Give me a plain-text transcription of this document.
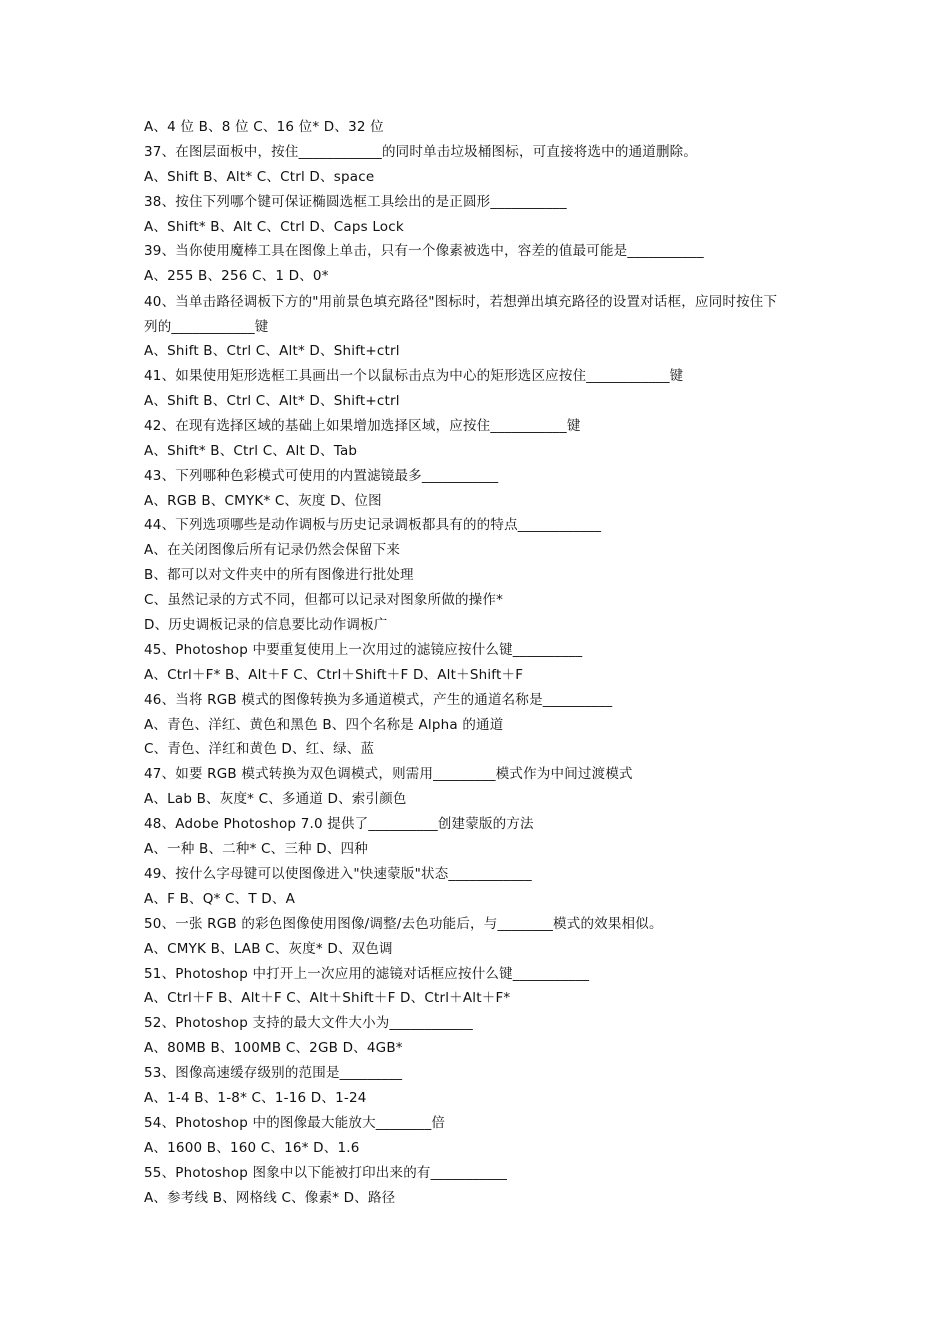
A、4 位 B、8 位 C、16 位* D、32 位
37、在图层面板中，按住____________的同时单击垃圾桶图标，可直接将选中的通道删除。
A、Shift B、Alt* C、Ctrl D、space
38、按住下列哪个键可保证椭圆选框工具绘出的是正圆形___________
A、Shift* B、Alt C、Ctrl D、Caps Lock
39、当你使用魔棒工具在图像上单击，只有一个像素被选中，容差的值最可能是___________
A、255 B、256 C、1 D、0*
40、当单击路径调板下方的"用前景色填充路径"图标时，若想弹出填充路径的设置对话框，应同时按住下
列的____________键
A、Shift B、Ctrl C、Alt* D、Shift+ctrl
41、如果使用矩形选框工具画出一个以鼠标击点为中心的矩形选区应按住____________键
A、Shift B、Ctrl C、Alt* D、Shift+ctrl
42、在现有选择区域的基础上如果增加选择区域，应按住___________键
A、Shift* B、Ctrl C、Alt D、Tab
43、下列哪种色彩模式可使用的内置滤镜最多___________
A、RGB B、CMYK* C、灰度 D、位图
44、下列选项哪些是动作调板与历史记录调板都具有的的特点____________
A、在关闭图像后所有记录仍然会保留下来
B、都可以对文件夹中的所有图像进行批处理
C、虽然记录的方式不同，但都可以记录对图象所做的操作*
D、历史调板记录的信息要比动作调板广
45、Photoshop 中要重复使用上一次用过的滤镜应按什么键__________
A、Ctrl＋F* B、Alt＋F C、Ctrl＋Shift＋F D、Alt＋Shift＋F
46、当将 RGB 模式的图像转换为多通道模式，产生的通道名称是__________
A、青色、洋红、黄色和黑色 B、四个名称是 Alpha 的通道
C、青色、洋红和黄色 D、红、绿、蓝
47、如要 RGB 模式转换为双色调模式，则需用_________模式作为中间过渡模式
A、Lab B、灰度* C、多通道 D、索引颜色
48、Adobe Photoshop 7.0 提供了__________创建蒙版的方法
A、一种 B、二种* C、三种 D、四种
49、按什么字母键可以使图像进入"快速蒙版"状态____________
A、F B、Q* C、T D、A
50、一张 RGB 的彩色图像使用图像/调整/去色功能后，与________模式的效果相似。
A、CMYK B、LAB C、灰度* D、双色调
51、Photoshop 中打开上一次应用的滤镜对话框应按什么键___________
A、Ctrl＋F B、Alt＋F C、Alt＋Shift＋F D、Ctrl＋Alt＋F*
52、Photoshop 支持的最大文件大小为____________
A、80MB B、100MB C、2GB D、4GB*
53、图像高速缓存级别的范围是_________
A、1-4 B、1-8* C、1-16 D、1-24
54、Photoshop 中的图像最大能放大________倍
A、1600 B、160 C、16* D、1.6
55、Photoshop 图象中以下能被打印出来的有___________
A、参考线 B、网格线 C、像素* D、路径
